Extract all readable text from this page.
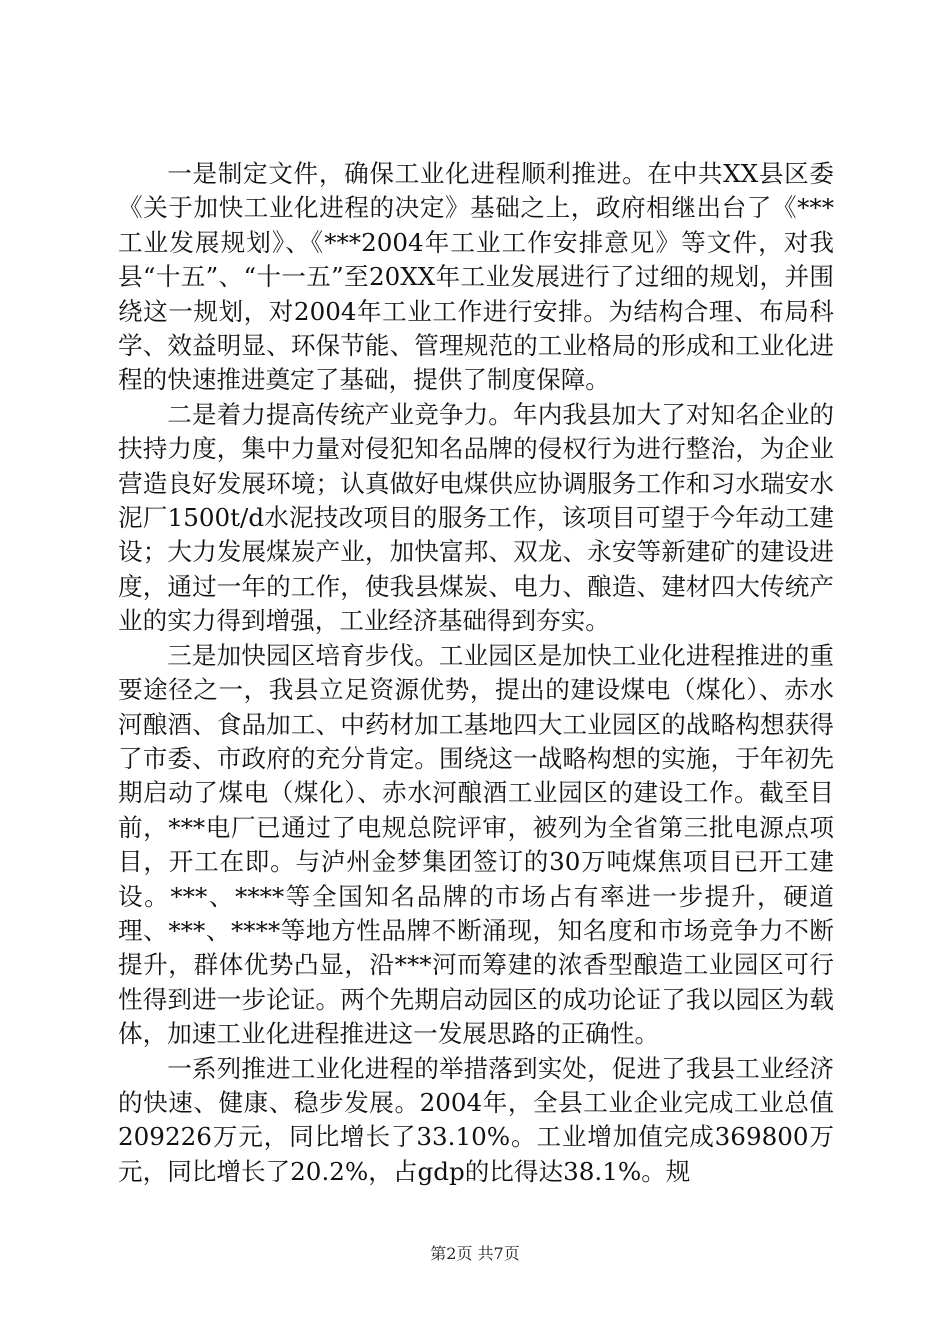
一是制定文件，确保工业化进程顺利推进。在中共XX县区委《关于加快工业化进程的决定》基础之上，政府相继出台了《***工业发展规划》、《***2004年工业工作安排意见》等文件，对我县“十五”、“十一五”至20XX年工业发展进行了过细的规划，并围绕这一规划，对2004年工业工作进行安排。为结构合理、布局科学、效益明显、环保节能、管理规范的工业格局的形成和工业化进程的快速推进奠定了基础，提供了制度保障。

二是着力提高传统产业竞争力。年内我县加大了对知名企业的扶持力度，集中力量对侵犯知名品牌的侵权行为进行整治，为企业营造良好发展环境；认真做好电煤供应协调服务工作和习水瑞安水泥厂1500t/d水泥技改项目的服务工作，该项目可望于今年动工建设；大力发展煤炭产业，加快富邦、双龙、永安等新建矿的建设进度，通过一年的工作，使我县煤炭、电力、酿造、建材四大传统产业的实力得到增强，工业经济基础得到夯实。

三是加快园区培育步伐。工业园区是加快工业化进程推进的重要途径之一，我县立足资源优势，提出的建设煤电（煤化）、赤水河酿酒、食品加工、中药材加工基地四大工业园区的战略构想获得了市委、市政府的充分肯定。围绕这一战略构想的实施，于年初先期启动了煤电（煤化）、赤水河酿酒工业园区的建设工作。截至目前，***电厂已通过了电规总院评审，被列为全省第三批电源点项目，开工在即。与泸州金梦集团签订的30万吨煤焦项目已开工建设。***、****等全国知名品牌的市场占有率进一步提升，硬道理、***、****等地方性品牌不断涌现，知名度和市场竞争力不断提升，群体优势凸显，沿***河而筹建的浓香型酿造工业园区可行性得到进一步论证。两个先期启动园区的成功论证了我以园区为载体，加速工业化进程推进这一发展思路的正确性。

一系列推进工业化进程的举措落到实处，促进了我县工业经济的快速、健康、稳步发展。2004年，全县工业企业完成工业总值209226万元，同比增长了33.10%。工业增加值完成369800万元，同比增长了20.2%，占gdp的比得达38.1%。规

第2页 共7页
